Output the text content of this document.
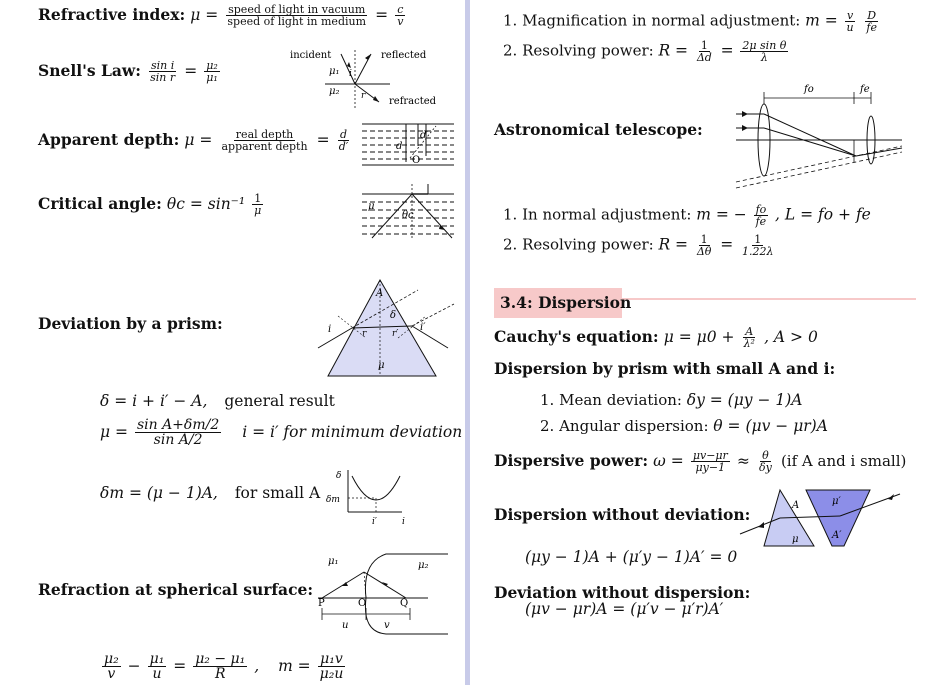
Refractive index: $\mu = \frac{\text{speed of light in vacuum}}{\text{speed of light in medium}} = \frac{c}{v}$
Snell's Law: $\frac{\text{sin i}}{\text{sin r}} = \frac{\text{μ₂}}{\text{μ₁}}$
incident	reflected
refracted
μ₁
μ₂
i
r
Apparent depth: $\mu = \frac{\text{real depth}}{\text{apparent depth}} = \frac{d}{d'}$	d
d′
O
Critical angle: $\theta c = \sin^{-1} \frac{1}{\mu}$	μ
θc
Deviation by a prism:
A
δ
i	i′
r	r′
μ
δ = i + i′ − A, general result
$\mu = \frac{\text{sin A+δm/2}}{\text{sin A/2}}$ i = i′ for minimum deviation
δm = (μ − 1)A, for small A
δ
δm
i′	i
Refraction at spherical surface:
μ₁	μ₂
P	O	Q
u	v
$\frac{\text{μ₂}}{v} - \frac{\text{μ₁}}{u} = \frac{\text{μ₂ − μ₁}}{R}$ , $m = \frac{\text{μ₁v}}{\text{μ₂u}}$
1. Magnification in normal adjustment: $m = \frac{v}{u}$
$\frac{D}{fe}$
2. Resolving power: $R = \frac{1}{\Delta d} = \frac{\text{2μ sin θ}}{\lambda}$
Astronomical telescope:
fo	fe
1. In normal adjustment: m = − $\frac{fo}{fe}$ , L = fo + fe
2. Resolving power: $R = \frac{1}{\Delta\theta} = \frac{1}{1.22\lambda}$
3.4: Dispersion
Cauchy's equation: $\mu = \mu 0 + \frac{A}{\text{λ²}}$ , A > 0
Dispersion by prism with small A and i:
1. Mean deviation: δy = (μy − 1)A
2. Angular dispersion: θ = (μv − μr)A
Dispersive power: $\omega = \frac{\mu v-\mu r}{\mu y-1} \approx \frac{\theta}{\delta y} (if$ A and i small)
Dispersion without deviation:
(μy − 1)A + (μ′y − 1)A′ = 0
A
μ
μ′
A′
Deviation without dispersion:
(μv − μr)A = (μ′v − μ′r)A′
